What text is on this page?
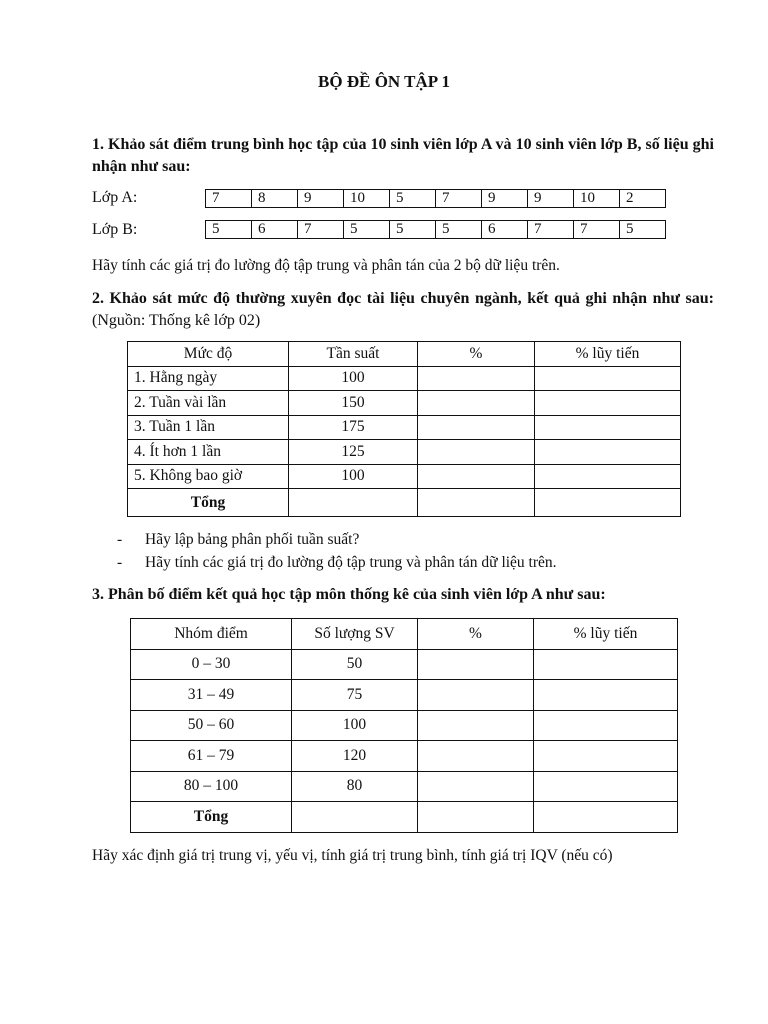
BỘ ĐỀ ÔN TẬP 1
1. Khảo sát điểm trung bình học tập của 10 sinh viên lớp A và 10 sinh viên lớp B, số liệu ghi nhận như sau:
Lớp A:	7	8	9	10	5	7	9	9	10	2
Lớp B:	5	6	7	5	5	5	6	7	7	5
Hãy tính các giá trị đo lường độ tập trung và phân tán của 2 bộ dữ liệu trên.
2. Khảo sát mức độ thường xuyên đọc tài liệu chuyên ngành, kết quả ghi nhận như sau: (Nguồn: Thống kê lớp 02)
Mức độ	Tần suất	%	% lũy tiến
1. Hằng ngày	100		
2. Tuần vài lần	150		
3. Tuần 1 lần	175		
4. Ít hơn 1 lần	125		
5. Không bao giờ	100		
Tổng			
-	Hãy lập bảng phân phối tuần suất?
-	Hãy tính các giá trị đo lường độ tập trung và phân tán dữ liệu trên.
3. Phân bố điểm kết quả học tập môn thống kê của sinh viên lớp A như sau:
Nhóm điểm	Số lượng SV	%	% lũy tiến
0 – 30	50		
31 – 49	75		
50 – 60	100		
61 – 79	120		
80 – 100	80		
Tổng			
Hãy xác định giá trị trung vị, yếu vị, tính giá trị trung bình, tính giá trị IQV (nếu có)
